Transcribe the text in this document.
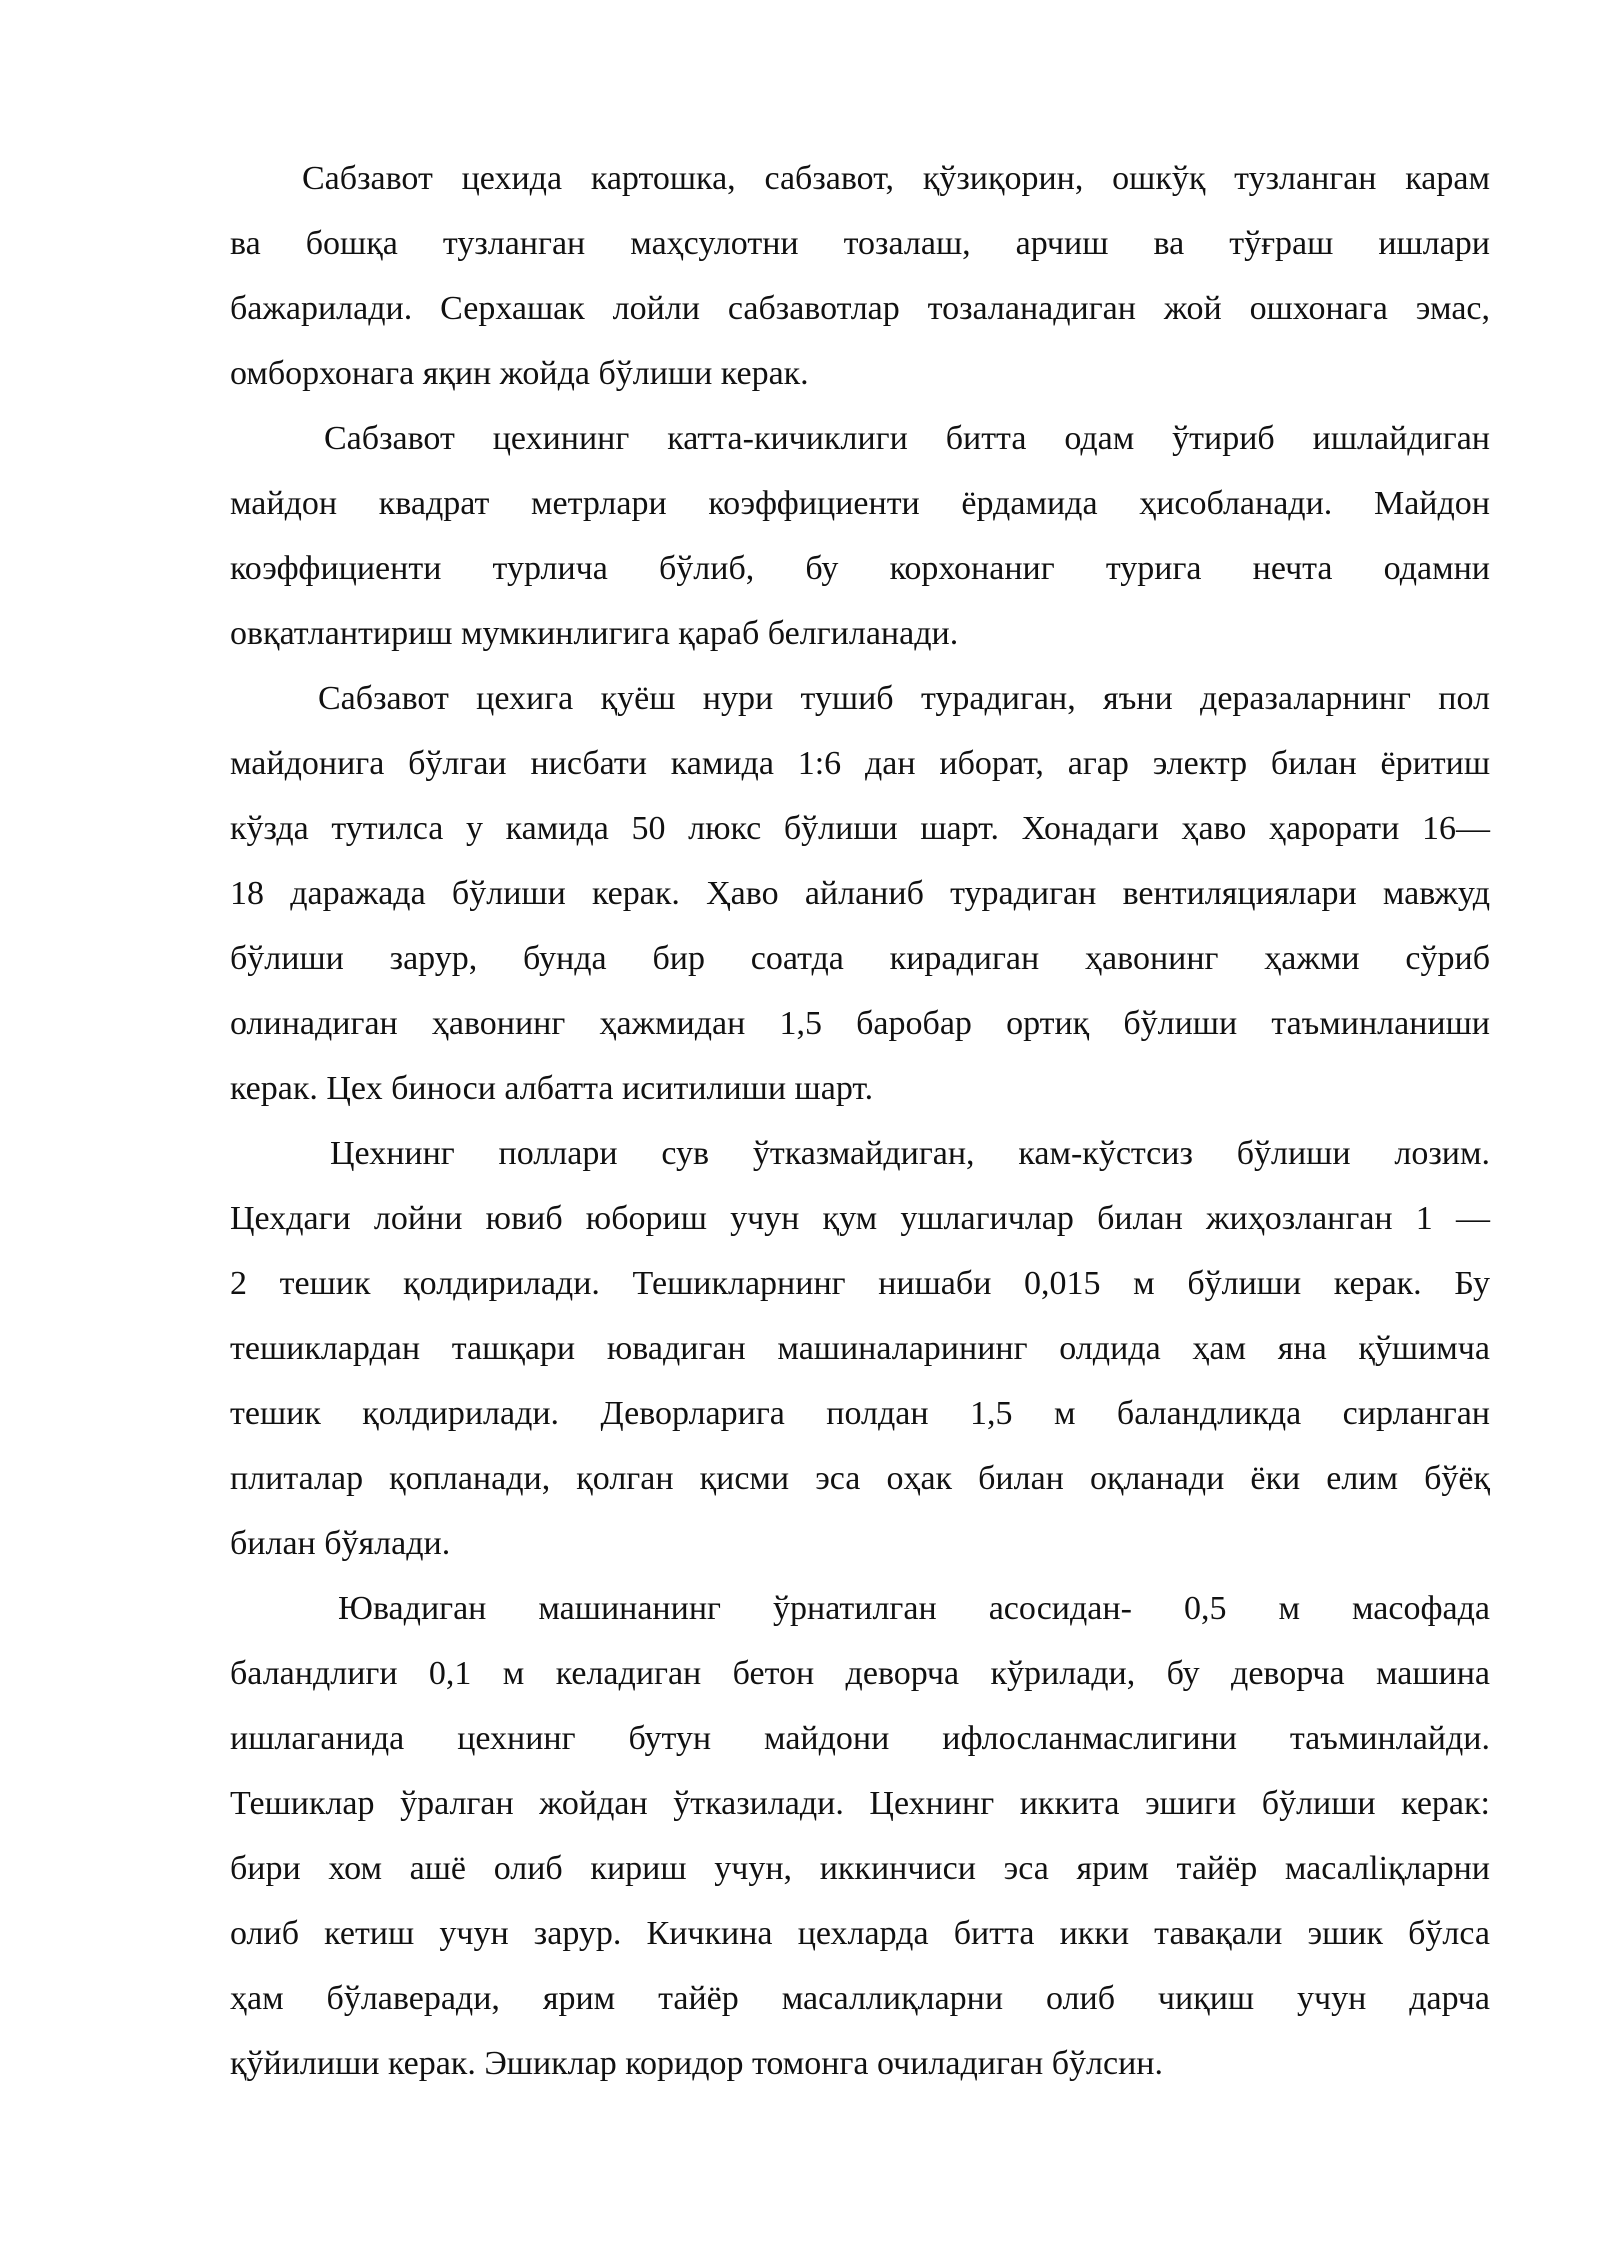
Сабзавот цехида картошка, сабзавот, қўзиқорин, ошкўқ тузланган карам
ва бошқа тузланган маҳсулотни тозалаш, арчиш ва тўғраш ишлари
бажарилади. Серхашак лойли сабзавотлар тозаланадиган жой ошхонага эмас,
омборхонага яқин жойда бўлиши керак.

Сабзавот цехининг катта-кичиклиги битта одам ўтириб ишлайдиган
майдон квадрат метрлари коэффициенти ёрдамида ҳисобланади. Майдон
коэффициенти турлича бўлиб, бу корхонаниг турига нечта одамни
овқатлантириш мумкинлигига қараб белгиланади.

Сабзавот цехига қуёш нури тушиб турадиган, яъни деразаларнинг пол
майдонига бўлгаи нисбати камида 1:6 дан иборат, агар электр билан ёритиш
кўзда тутилса у камида 50 люкс бўлиши шарт. Хонадаги ҳаво ҳарорати 16—
18 даражада бўлиши керак. Ҳаво айланиб турадиган вентиляциялари мавжуд
бўлиши зарур, бунда бир соатда кирадиган ҳавонинг ҳажми сўриб
олинадиган ҳавонинг ҳажмидан 1,5 баробар ортиқ бўлиши таъминланиши
керак. Цех биноси албатта иситилиши шарт.

Цехнинг поллари сув ўтказмайдиган, кам-кўстсиз бўлиши лозим.
Цехдаги лойни ювиб юбориш учун қум ушлагичлар билан жиҳозланган 1 —
2 тешик қолдирилади. Тешикларнинг нишаби 0,015 м бўлиши керак. Бу
тешиклардан ташқари ювадиган машиналарининг олдида ҳам яна қўшимча
тешик қолдирилади. Деворларига полдан 1,5 м баландликда сирланган
плиталар қопланади, қолган қисми эса оҳак билан оқланади ёки елим бўёқ
билан бўялади.

Ювадиган машинанинг ўрнатилган асосидан- 0,5 м масофада
баландлиги 0,1 м келадиган бетон деворча кўрилади, бу деворча машина
ишлаганида цехнинг бутун майдони ифлосланмаслигини таъминлайди.
Тешиклар ўралган жойдан ўтказилади. Цехнинг иккита эшиги бўлиши керак:
бири хом ашё олиб кириш учун, иккинчиси эса ярим тайёр масалliқларни
олиб кетиш учун зарур. Кичкина цехларда битта икки тавақали эшик бўлса
ҳам бўлаверади, ярим тайёр масаллиқларни олиб чиқиш учун дарча
қўйилиши керак. Эшиклар коридор томонга очиладиган бўлсин.
